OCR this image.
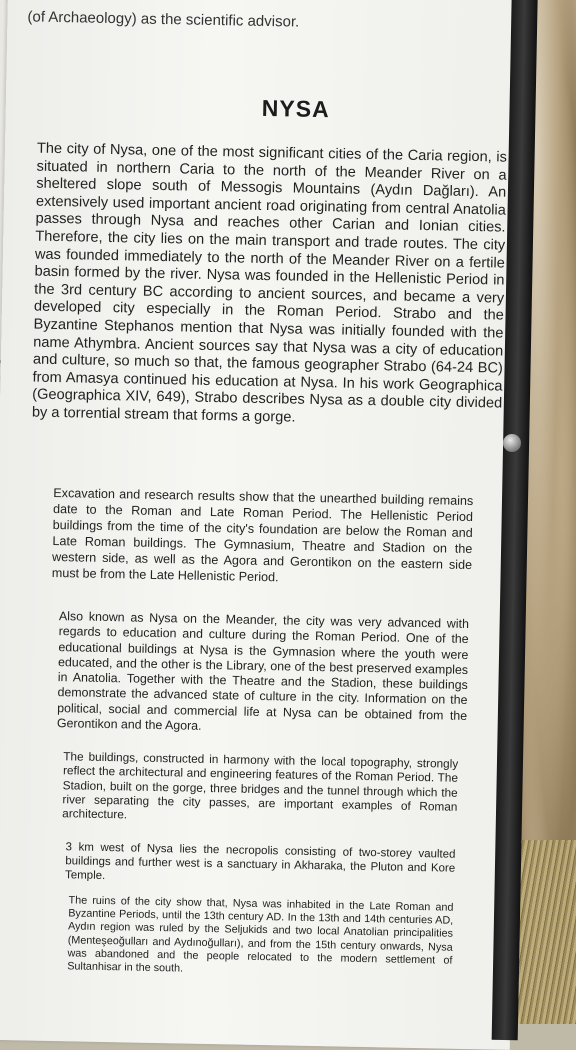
(of Archaeology) as the scientific advisor.
NYSA
The city of Nysa, one of the most significant cities of the Caria region, is situated in northern Caria to the north of the Meander River on a sheltered slope south of Messogis Mountains (Aydın Dağları). An extensively used important ancient road originating from central Anatolia passes through Nysa and reaches other Carian and Ionian cities. Therefore, the city lies on the main transport and trade routes. The city was founded immediately to the north of the Meander River on a fertile basin formed by the river. Nysa was founded in the Hellenistic Period in the 3rd century BC according to ancient sources, and became a very developed city especially in the Roman Period. Strabo and the Byzantine Stephanos mention that Nysa was initially founded with the name Athymbra. Ancient sources say that Nysa was a city of education and culture, so much so that, the famous geographer Strabo (64-24 BC) from Amasya continued his education at Nysa. In his work Geographica (Geographica XIV, 649), Strabo describes Nysa as a double city divided by a torrential stream that forms a gorge.
Excavation and research results show that the unearthed building remains date to the Roman and Late Roman Period. The Hellenistic Period buildings from the time of the city's foundation are below the Roman and Late Roman buildings. The Gymnasium, Theatre and Stadion on the western side, as well as the Agora and Gerontikon on the eastern side must be from the Late Hellenistic Period.
Also known as Nysa on the Meander, the city was very advanced with regards to education and culture during the Roman Period. One of the educational buildings at Nysa is the Gymnasion where the youth were educated, and the other is the Library, one of the best preserved examples in Anatolia. Together with the Theatre and the Stadion, these buildings demonstrate the advanced state of culture in the city. Information on the political, social and commercial life at Nysa can be obtained from the Gerontikon and the Agora.
The buildings, constructed in harmony with the local topography, strongly reflect the architectural and engineering features of the Roman Period. The Stadion, built on the gorge, three bridges and the tunnel through which the river separating the city passes, are important examples of Roman architecture.
3 km west of Nysa lies the necropolis consisting of two-storey vaulted buildings and further west is a sanctuary in Akharaka, the Pluton and Kore Temple.
The ruins of the city show that, Nysa was inhabited in the Late Roman and Byzantine Periods, until the 13th century AD. In the 13th and 14th centuries AD, Aydın region was ruled by the Seljukids and two local Anatolian principalities (Menteşeoğulları and Aydınoğulları), and from the 15th century onwards, Nysa was abandoned and the people relocated to the modern settlement of Sultanhisar in the south.
